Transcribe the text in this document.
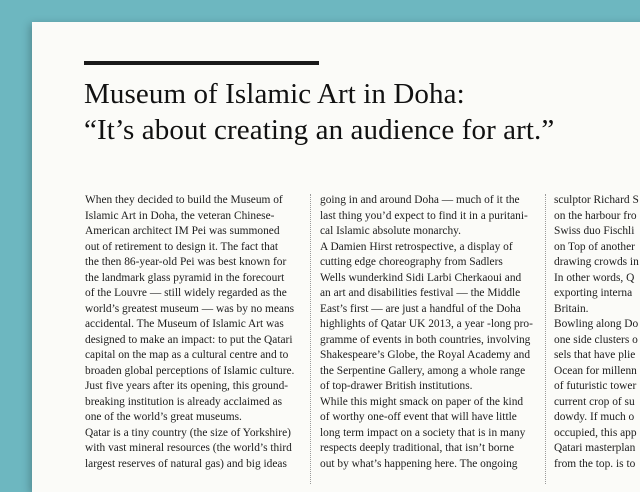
Museum of Islamic Art in Doha:
“It’s about creating an audience for art.”
When they decided to build the Museum of
Islamic Art in Doha, the veteran Chinese-
American architect IM Pei was summoned
out of retirement to design it. The fact that
the then 86-year-old Pei was best known for
the landmark glass pyramid in the forecourt
of the Louvre — still widely regarded as the
world’s greatest museum — was by no means
accidental. The Museum of Islamic Art was
designed to make an impact: to put the Qatari
capital on the map as a cultural centre and to
broaden global perceptions of Islamic culture.
Just five years after its opening, this ground-
breaking institution is already acclaimed as
one of the world’s great museums.
Qatar is a tiny country (the size of Yorkshire)
with vast mineral resources (the world’s third
largest reserves of natural gas) and big ideas
going in and around Doha — much of it the
last thing you’d expect to find it in a puritani-
cal Islamic absolute monarchy.
A Damien Hirst retrospective, a display of
cutting edge choreography from Sadlers
Wells wunderkind Sidi Larbi Cherkaoui and
an art and disabilities festival — the Middle
East’s first — are just a handful of the Doha
highlights of Qatar UK 2013, a year -long pro-
gramme of events in both countries, involving
Shakespeare’s Globe, the Royal Academy and
the Serpentine Gallery, among a whole range
of top-drawer British institutions.
While this might smack on paper of the kind
of worthy one-off event that will have little
long term impact on a society that is in many
respects deeply traditional, that isn’t borne
out by what’s happening here. The ongoing
sculptor Richard S
on the harbour fro
Swiss duo Fischli
on Top of another
drawing crowds in
In other words, Q
exporting interna
Britain.
Bowling along Do
one side clusters o
sels that have plie
Ocean for millenn
of futuristic tower
current crop of su
dowdy. If much o
occupied, this app
Qatari masterplan
from the top. is to
